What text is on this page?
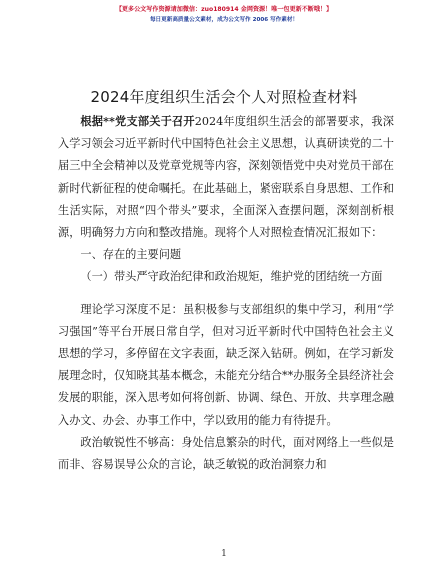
【更多公文写作资源请加微信：zuo180914 金网资源！唯一包更新不断哦！】
每日更新高质量公文素材，成为公文写作 2006 写作素材！
2024年度组织生活会个人对照检查材料

根据**党支部关于召开2024年度组织生活会的部署要求，我深入学习领会习近平新时代中国特色社会主义思想，认真研读党的二十届三中全会精神以及党章党规等内容，深刻领悟党中央对党员干部在新时代新征程的使命嘱托。在此基础上，紧密联系自身思想、工作和生活实际，对照“四个带头”要求，全面深入查摆问题，深刻剖析根源，明确努力方向和整改措施。现将个人对照检查情况汇报如下：

一、存在的主要问题

（一）带头严守政治纪律和政治规矩，维护党的团结统一方面

理论学习深度不足：虽积极参与支部组织的集中学习，利用“学习强国”等平台开展日常自学，但对习近平新时代中国特色社会主义思想的学习，多停留在文字表面，缺乏深入钻研。例如，在学习新发展理念时，仅知晓其基本概念，未能充分结合**办服务全县经济社会发展的职能，深入思考如何将创新、协调、绿色、开放、共享理念融入办文、办会、办事工作中，学以致用的能力有待提升。

政治敏锐性不够高：身处信息繁杂的时代，面对网络上一些似是而非、容易误导公众的言论，缺乏敏锐的政治洞察力和

1
